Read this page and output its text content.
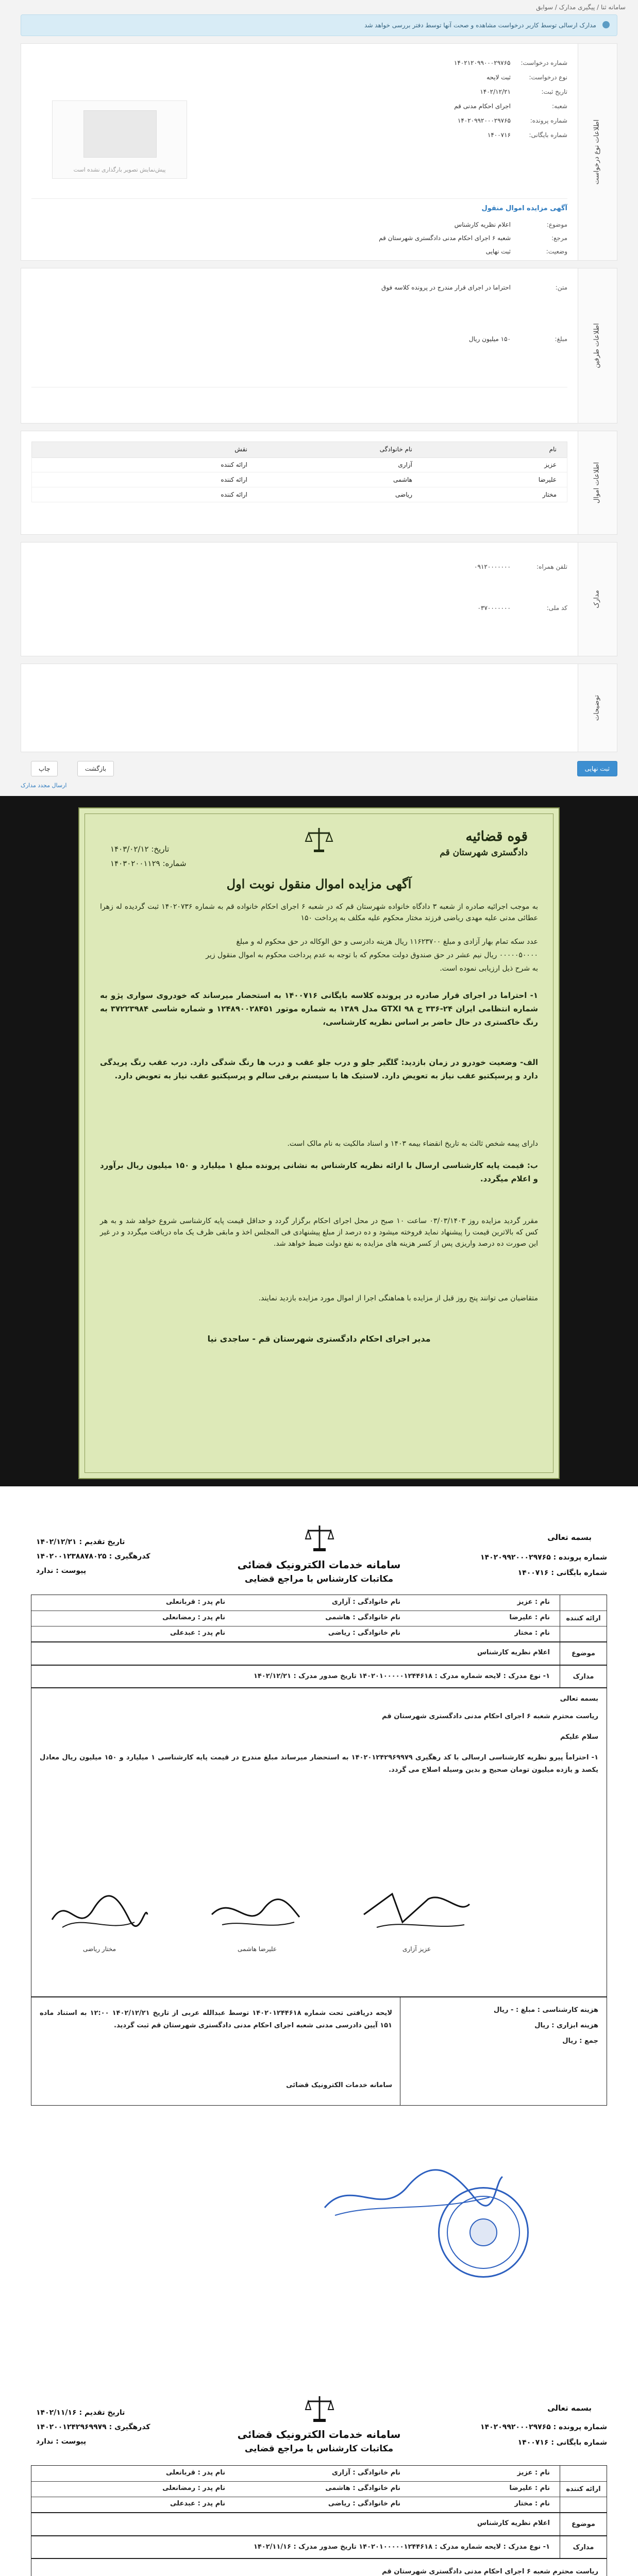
سامانه ثنا / پیگیری مدارک / سوابق
مدارک ارسالی توسط کاربر درخواست مشاهده و صحت آنها توسط دفتر بررسی خواهد شد
اطلاعات نوع درخواست
پیش‌نمایش تصویر بارگذاری نشده است
شماره درخواست:۱۴۰۲۱۲۰۹۹۰۰۰۲۹۷۶۵
نوع درخواست:ثبت لایحه
تاریخ ثبت:۱۴۰۲/۱۲/۲۱
شعبه:اجرای احکام مدنی قم
شماره پرونده:۱۴۰۲۰۹۹۲۰۰۰۲۹۷۶۵
شماره بایگانی:۱۴۰۰۷۱۶
آگهی مزایده اموال منقول
موضوع:اعلام نظریه کارشناس
مرجع:شعبه ۶ اجرای احکام مدنی دادگستری شهرستان قم
وضعیت:ثبت نهایی
اطلاعات طرفین
متن:احتراما در اجرای قرار مندرج در پرونده کلاسه فوق
مبلغ:۱۵۰ میلیون ریال
اطلاعات اموال
نام
نام خانوادگی
نقش
عزیز
آزاری
ارائه کننده
علیرضا
هاشمی
ارائه کننده
مختار
ریاضی
ارائه کننده
مدارک
تلفن همراه:۰۹۱۲۰۰۰۰۰۰۰
کد ملی:۰۳۷۰۰۰۰۰۰۰
توضیحات
ثبت نهایی
بازگشت
چاپ
ارسال مجدد مدارک
قوه قضائیه
دادگستری شهرستان قم
تاریخ: ۱۴۰۳/۰۲/۱۲
شماره: ۱۴۰۳۰۲۰۰۱۱۲۹
آگهی مزایده اموال منقول نوبت اول
به موجب اجرائیه صادره از شعبه ۳ دادگاه خانواده شهرستان قم که در شعبه ۶ اجرای احکام خانواده قم به شماره ۱۴۰۲۰۷۳۶ ثبت گردیده له زهرا عطائی مدنی علیه مهدی ریاضی فرزند مختار محکوم علیه مکلف به پرداخت ۱۵۰
عدد سکه تمام بهار آزادی و مبلغ ۱۱۶۲۳۷۰۰ ریال هزینه دادرسی و حق الوکاله در حق محکوم له و مبلغ
۰۰۰۰۰۵۰۰۰۰ ریال نیم عشر در حق صندوق دولت محکوم که با توجه به عدم پرداخت محکوم به اموال منقول زیر
به شرح ذیل ارزیابی نموده است.
۱- احتراما در اجرای قرار صادره در پرونده کلاسه بایگانی ۱۴۰۰۷۱۶ به استحضار میرساند که خودروی سواری پژو به شماره انتظامی ایران ۲۴-۳۳۶ ج ۹۸ GTXI مدل ۱۳۸۹ به شماره موتور ۱۲۴۸۹۰۰۲۸۴۵۱ و شماره شاسی ۳۷۲۲۳۹۸۴ به رنگ خاکستری در حال حاضر بر اساس نظریه کارشناسی،
الف- وضعیت خودرو در زمان بازدید: گلگیر جلو و درب جلو عقب و درب ها رنگ شدگی دارد. درب عقب رنگ پریدگی دارد و پرسپکتیو عقب نیاز به تعویض دارد. لاستیک ها با سیستم برقی سالم و پرسپکتیو عقب نیاز به تعویض دارد.
دارای پیمه شخص ثالث به تاریخ انقضاء بیمه ۱۴۰۳ و اسناد مالکیت به نام مالک است.
ب: قیمت پایه کارشناسی ارسال با ارائه نظریه کارشناس به نشانی پرونده مبلغ ۱ میلیارد و ۱۵۰ میلیون ریال برآورد و اعلام میگردد.
مقرر گردید مزایده روز ۰۳/۰۳/۱۴۰۳ ساعت ۱۰ صبح در محل اجرای احکام برگزار گردد و حداقل قیمت پایه کارشناسی شروع خواهد شد و به هر کس که بالاترین قیمت را پیشنهاد نماید فروخته میشود و ده درصد از مبلغ پیشنهادی فی المجلس اخذ و مابقی ظرف یک ماه دریافت میگردد و در غیر این صورت ده درصد واریزی پس از کسر هزینه های مزایده به نفع دولت ضبط خواهد شد.
متقاضیان می توانند پنج روز قبل از مزایده با هماهنگی اجرا از اموال مورد مزایده بازدید نمایند.
مدیر اجرای احکام دادگستری شهرستان قم - ساجدی نیا
بسمه تعالی
شماره پرونده : ۱۴۰۲۰۹۹۲۰۰۰۲۹۷۶۵
شماره بایگانی : ۱۴۰۰۷۱۶
سامانه خدمات الکترونیک قضائی
مکاتبات کارشناس با مراجع قضایی
تاریخ تقدیم : ۱۴۰۲/۱۲/۲۱
کدرهگیری : ۱۴۰۲۰۰۱۲۳۸۸۷۸۰۲۵
پیوست : ندارد
ارائه کننده
نام : عزیز
نام خانوادگی : آزاری
نام پدر : قربانعلی
نام : علیرضا
نام خانوادگی : هاشمی
نام پدر : رمضانعلی
نام : مختار
نام خانوادگی : ریاضی
نام پدر : عبدعلی
موضوع
اعلام نظریه کارشناس
مدارک
۱- نوع مدرک : لایحه شماره مدرک : ۱۴۰۲۰۱۰۰۰۰۰۱۲۴۴۶۱۸ تاریخ صدور مدرک : ۱۴۰۲/۱۲/۲۱
بسمه تعالی
ریاست محترم شعبه ۶ اجرای احکام مدنی دادگستری شهرستان قم
سلام علیکم
۱- احتراماً پیرو نظریه کارشناسی ارسالی با کد رهگیری ۱۴۰۲۰۱۲۴۲۹۶۹۹۷۹ به استحضار میرساند مبلغ مندرج در قیمت پایه کارشناسی ۱ میلیارد و ۱۵۰ میلیون ریال معادل یکصد و یازده میلیون تومان صحیح و بدین وسیله اصلاح می گردد.
مختار ریاضی	علیرضا هاشمی	عزیز آزاری
هزینه کارشناسی : مبلغ : - ریال
هزینه ابزاری : ریال
جمع : ریال
لایحه دریافتی تحت شماره ۱۴۰۲۰۱۲۴۴۶۱۸ توسط عبدالله عربی از تاریخ ۱۴۰۲/۱۲/۲۱ ۱۲:۰۰ به استناد ماده ۱۵۱ آیین دادرسی مدنی شعبه اجرای احکام مدنی دادگستری شهرستان قم ثبت گردید.
سامانه خدمات الکترونیک قضائی
بسمه تعالی
شماره پرونده : ۱۴۰۲۰۹۹۲۰۰۰۲۹۷۶۵
شماره بایگانی : ۱۴۰۰۷۱۶
سامانه خدمات الکترونیک قضائی
مکاتبات کارشناس با مراجع قضایی
تاریخ تقدیم : ۱۴۰۲/۱۱/۱۶
کدرهگیری : ۱۴۰۲۰۰۱۲۴۲۹۶۹۹۷۹
پیوست : ندارد
ارائه کننده
نام : عزیز
نام خانوادگی : آزاری
نام پدر : قربانعلی
نام : علیرضا
نام خانوادگی : هاشمی
نام پدر : رمضانعلی
نام : مختار
نام خانوادگی : ریاضی
نام پدر : عبدعلی
موضوع
اعلام نظریه کارشناس
مدارک
۱- نوع مدرک : لایحه شماره مدرک : ۱۴۰۲۰۱۰۰۰۰۰۱۲۴۴۶۱۸ تاریخ صدور مدرک : ۱۴۰۲/۱۱/۱۶
ریاست محترم شعبه ۶ اجرای احکام مدنی دادگستری شهرستان قم
